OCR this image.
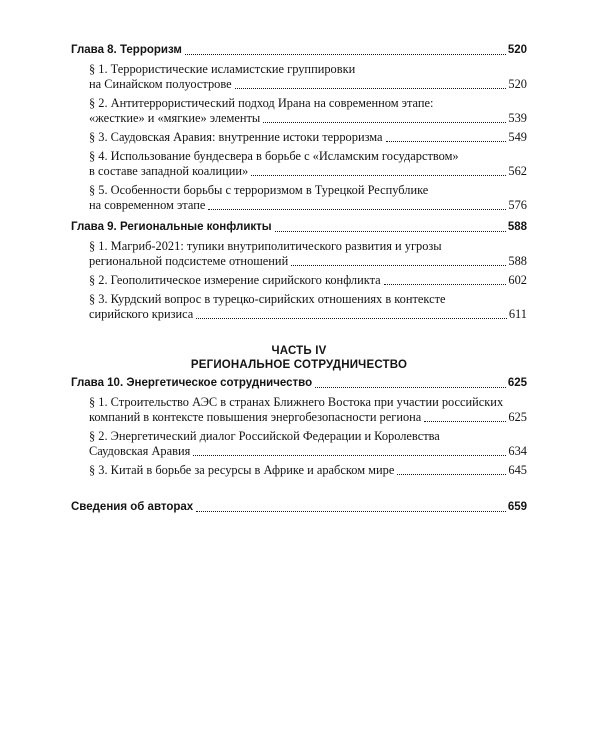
Глава 8. Терроризм	520
§ 1. Террористические исламистские группировки
на Синайском полуострове	520
§ 2. Антитеррористический подход Ирана на современном этапе:
«жесткие» и «мягкие» элементы	539
§ 3. Саудовская Аравия: внутренние истоки терроризма	549
§ 4. Использование бундесвера в борьбе с «Исламским государством»
в составе западной коалиции»	562
§ 5. Особенности борьбы с терроризмом в Турецкой Республике
на современном этапе	576
Глава 9. Региональные конфликты	588
§ 1. Магриб-2021: тупики внутриполитического развития и угрозы
региональной подсистеме отношений	588
§ 2. Геополитическое измерение сирийского конфликта	602
§ 3. Курдский вопрос в турецко-сирийских отношениях в контексте
сирийского кризиса	611
ЧАСТЬ IV
РЕГИОНАЛЬНОЕ СОТРУДНИЧЕСТВО
Глава 10. Энергетическое сотрудничество	625
§ 1. Строительство АЭС в странах Ближнего Востока при участии российских
компаний в контексте повышения энергобезопасности региона	625
§ 2. Энергетический диалог Российской Федерации и Королевства
Саудовская Аравия	634
§ 3. Китай в борьбе за ресурсы в Африке и арабском мире	645
Сведения об авторах	659
